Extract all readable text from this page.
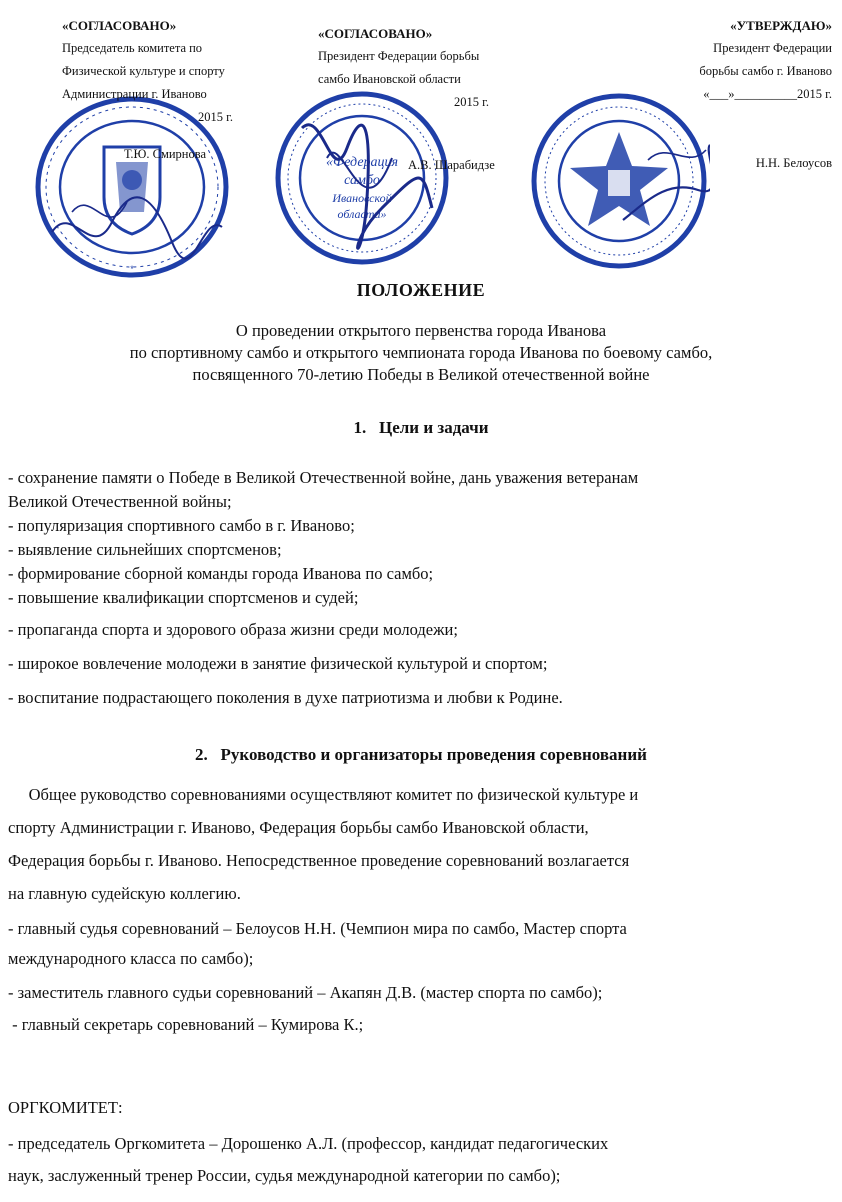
*
«Федерация
самбо
Ивановской
области»
«СОГЛАСОВАНО»
Председатель комитета по
Физической культуре и спорту
Администрации г. Иваново
2015 г.
Т.Ю. Смирнова
«СОГЛАСОВАНО»
Президент Федерации борьбы
самбо Ивановской области
2015 г.
А.В. Шарабидзе
«УТВЕРЖДАЮ»
Президент Федерации
борьбы самбо г. Иваново
«___»__________2015 г.
Н.Н. Белоусов
ПОЛОЖЕНИЕ
О проведении открытого первенства города Иванова
по спортивному самбо и открытого чемпионата города Иванова по боевому самбо,
посвященного 70-летию Победы в Великой отечественной войне
1.   Цели и задачи
- сохранение памяти о Победе в Великой Отечественной войне, дань уважения ветеранам
Великой Отечественной войны;
- популяризация спортивного самбо в г. Иваново;
- выявление сильнейших спортсменов;
- формирование сборной команды города Иванова по самбо;
- повышение квалификации спортсменов и судей;
- пропаганда спорта и здорового образа жизни среди молодежи;
- широкое вовлечение молодежи в занятие физической культурой и спортом;
- воспитание подрастающего поколения в духе патриотизма и любви к Родине.
2.   Руководство и организаторы проведения соревнований
Общее руководство соревнованиями осуществляют комитет по физической культуре и
спорту Администрации г. Иваново, Федерация борьбы самбо Ивановской области,
Федерация борьбы г. Иваново. Непосредственное проведение соревнований возлагается
на главную судейскую коллегию.
- главный судья соревнований – Белоусов Н.Н. (Чемпион мира по самбо, Мастер спорта
международного класса по самбо);
- заместитель главного судьи соревнований – Акапян Д.В. (мастер спорта по самбо);
- главный секретарь соревнований – Кумирова К.;
ОРГКОМИТЕТ:
- председатель Оргкомитета – Дорошенко А.Л. (профессор, кандидат педагогических
наук, заслуженный тренер России, судья международной категории по самбо);
